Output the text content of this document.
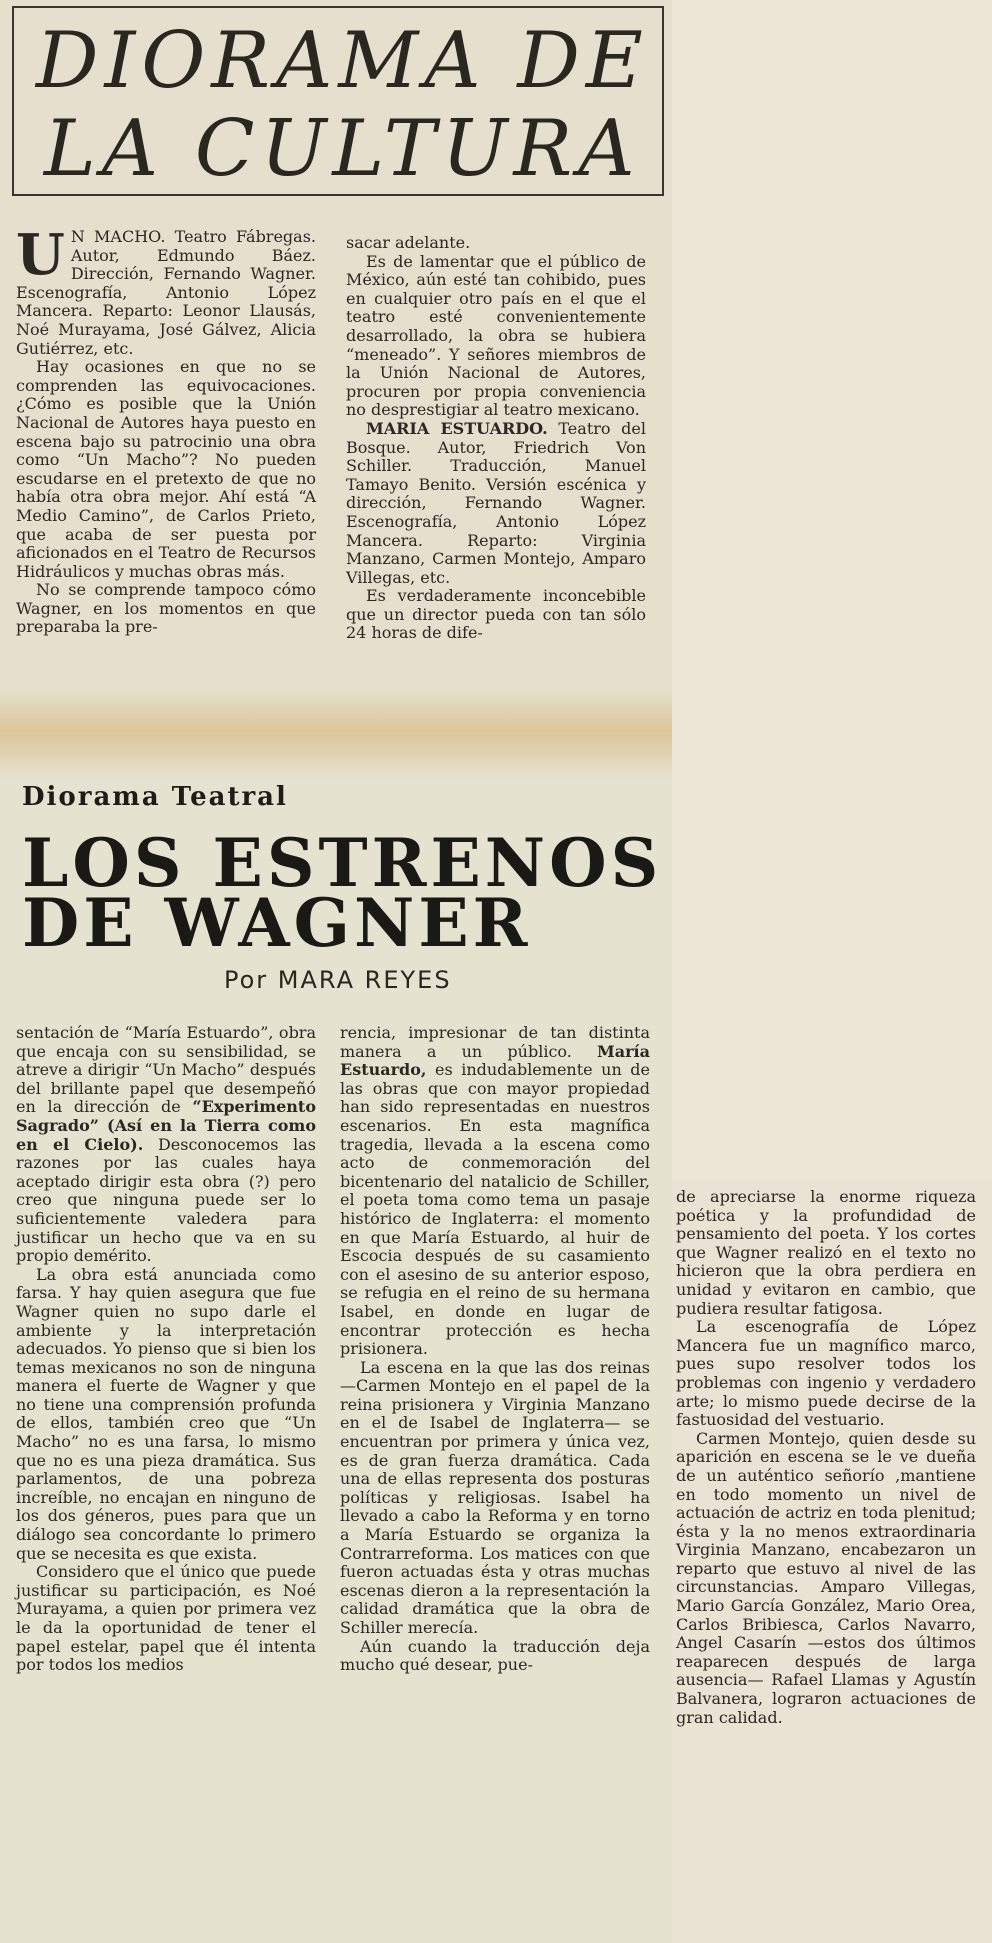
DIORAMA DE
LA CULTURA

U N MACHO. Teatro Fábregas. Autor, Edmundo Báez. Dirección, Fernando Wagner. Escenografía, Antonio López Mancera. Reparto: Leonor Llausás, Noé Murayama, José Gálvez, Alicia Gutiérrez, etc.

Hay ocasiones en que no se comprenden las equivocaciones. ¿Cómo es posible que la Unión Nacional de Autores haya puesto en escena bajo su patrocinio una obra como “Un Macho”? No pueden escudarse en el pretexto de que no había otra obra mejor. Ahí está “A Medio Camino”, de Carlos Prieto, que acaba de ser puesta por aficionados en el Teatro de Recursos Hidráulicos y muchas obras más.

No se comprende tampoco cómo Wagner, en los momentos en que preparaba la pre-

sacar adelante.

Es de lamentar que el público de México, aún esté tan cohibido, pues en cualquier otro país en el que el teatro esté convenientemente desarrollado, la obra se hubiera “meneado”. Y señores miembros de la Unión Nacional de Autores, procuren por propia conveniencia no desprestigiar al teatro mexicano.

MARIA ESTUARDO. Teatro del Bosque. Autor, Friedrich Von Schiller. Traducción, Manuel Tamayo Benito. Versión escénica y dirección, Fernando Wagner. Escenografía, Antonio López Mancera. Reparto: Virginia Manzano, Carmen Montejo, Amparo Villegas, etc.

Es verdaderamente inconcebible que un director pueda con tan sólo 24 horas de dife-

Diorama Teatral
LOS ESTRENOS
DE WAGNER
Por MARA REYES

sentación de “María Estuardo”, obra que encaja con su sensibilidad, se atreve a dirigir “Un Macho” después del brillante papel que desempeñó en la dirección de “Experimento Sagrado” (Así en la Tierra como en el Cielo). Desconocemos las razones por las cuales haya aceptado dirigir esta obra (?) pero creo que ninguna puede ser lo suficientemente valedera para justificar un hecho que va en su propio demérito.

La obra está anunciada como farsa. Y hay quien asegura que fue Wagner quien no supo darle el ambiente y la interpretación adecuados. Yo pienso que si bien los temas mexicanos no son de ninguna manera el fuerte de Wagner y que no tiene una comprensión profunda de ellos, también creo que “Un Macho” no es una farsa, lo mismo que no es una pieza dramática. Sus parlamentos, de una pobreza increíble, no encajan en ninguno de los dos géneros, pues para que un diálogo sea concordante lo primero que se necesita es que exista.

Considero que el único que puede justificar su participación, es Noé Murayama, a quien por primera vez le da la oportunidad de tener el papel estelar, papel que él intenta por todos los medios

rencia, impresionar de tan distinta manera a un público. María Estuardo, es indudablemente un de las obras que con mayor propiedad han sido representadas en nuestros escenarios. En esta magnífica tragedia, llevada a la escena como acto de conmemoración del bicentenario del natalicio de Schiller, el poeta toma como tema un pasaje histórico de Inglaterra: el momento en que María Estuardo, al huir de Escocia después de su casamiento con el asesino de su anterior esposo, se refugia en el reino de su hermana Isabel, en donde en lugar de encontrar protección es hecha prisionera.

La escena en la que las dos reinas —Carmen Montejo en el papel de la reina prisionera y Virginia Manzano en el de Isabel de Inglaterra— se encuentran por primera y única vez, es de gran fuerza dramática. Cada una de ellas representa dos posturas políticas y religiosas. Isabel ha llevado a cabo la Reforma y en torno a María Estuardo se organiza la Contrarreforma. Los matices con que fueron actuadas ésta y otras muchas escenas dieron a la representación la calidad dramática que la obra de Schiller merecía.

Aún cuando la traducción deja mucho qué desear, pue-

de apreciarse la enorme riqueza poética y la profundidad de pensamiento del poeta. Y los cortes que Wagner realizó en el texto no hicieron que la obra perdiera en unidad y evitaron en cambio, que pudiera resultar fatigosa.

La escenografía de López Mancera fue un magnífico marco, pues supo resolver todos los problemas con ingenio y verdadero arte; lo mismo puede decirse de la fastuosidad del vestuario.

Carmen Montejo, quien desde su aparición en escena se le ve dueña de un auténtico señorío ,mantiene en todo momento un nivel de actuación de actriz en toda plenitud; ésta y la no menos extraordinaria Virginia Manzano, encabezaron un reparto que estuvo al nivel de las circunstancias. Amparo Villegas, Mario García González, Mario Orea, Carlos Bribiesca, Carlos Navarro, Angel Casarín —estos dos últimos reaparecen después de larga ausencia— Rafael Llamas y Agustín Balvanera, lograron actuaciones de gran calidad.
